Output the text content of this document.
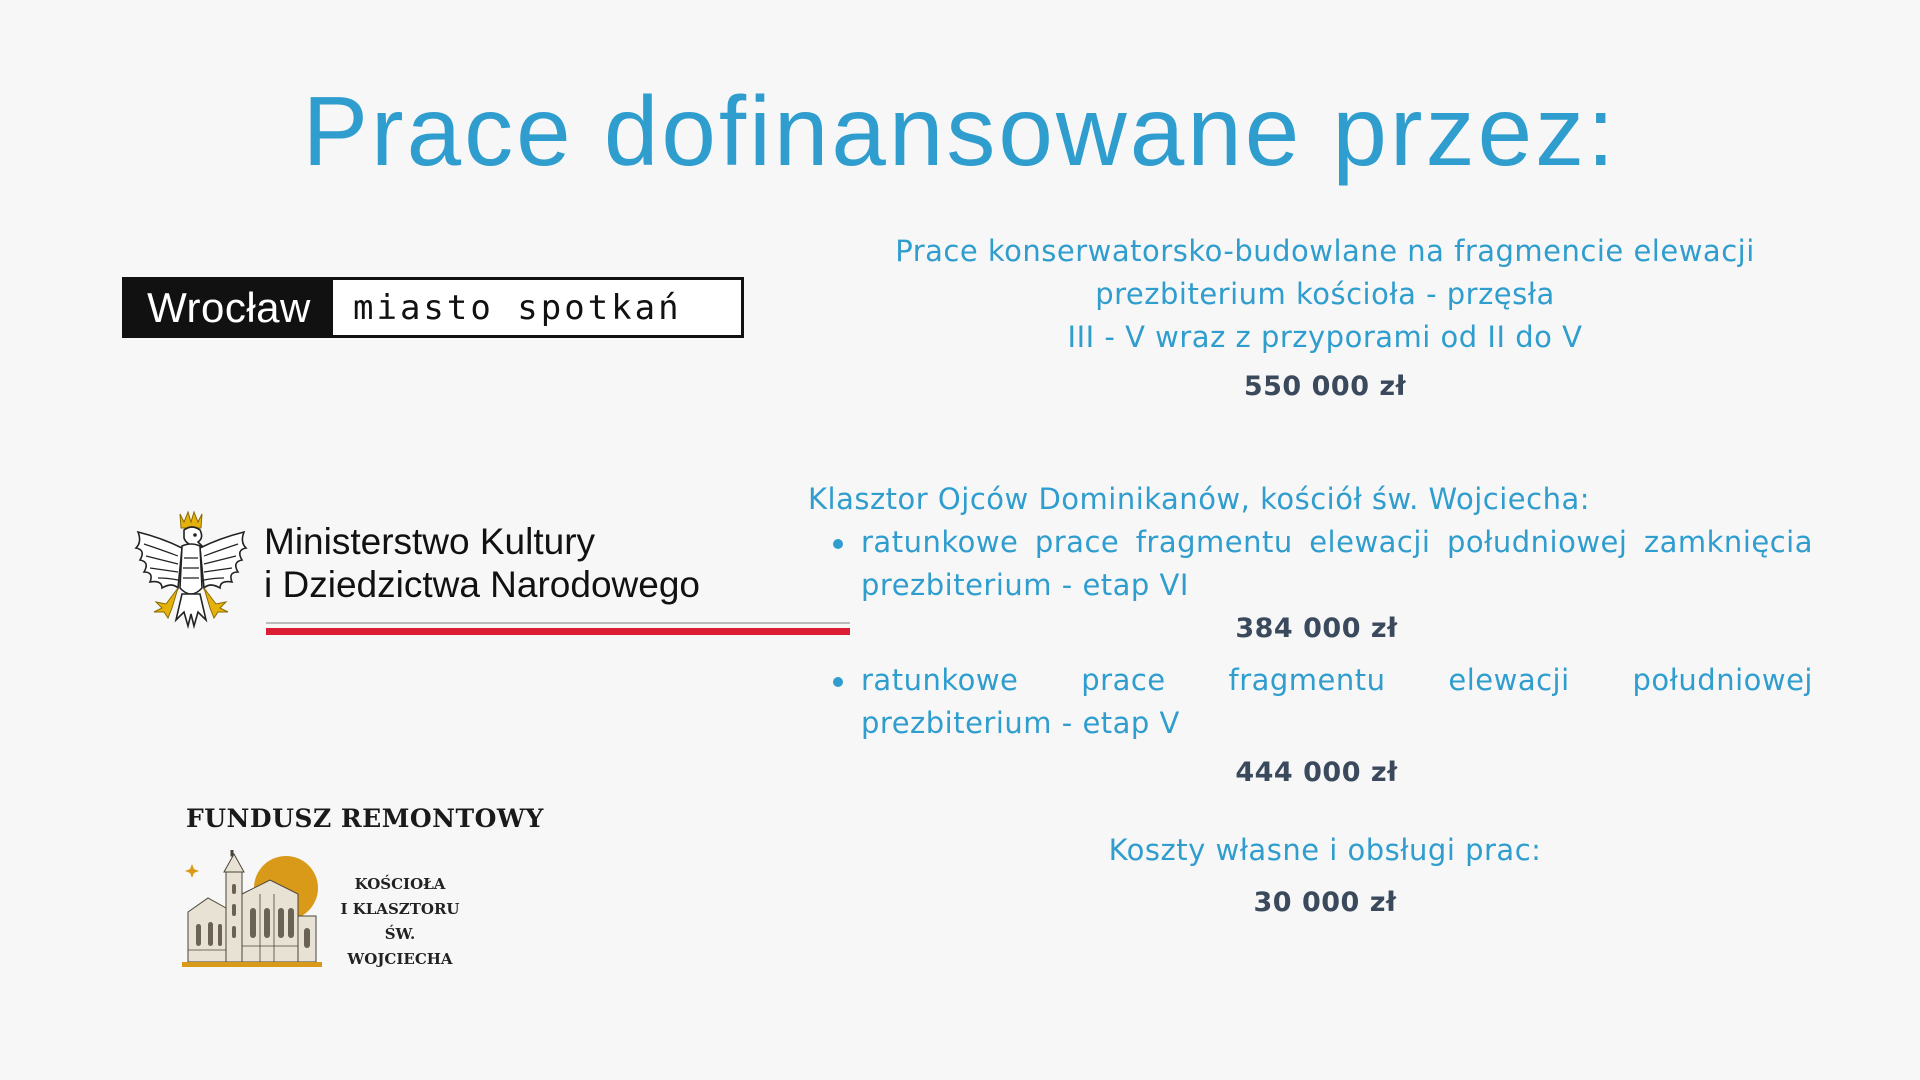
Prace dofinansowane przez:
Wrocław	miasto spotkań
Ministerstwo Kultury
i Dziedzictwa Narodowego
FUNDUSZ REMONTOWY
KOŚCIOŁA
I KLASZTORU
ŚW. WOJCIECHA
Prace konserwatorsko-budowlane na fragmencie elewacji
prezbiterium kościoła - przęsła
III - V wraz z przyporami od II do V
550 000 zł
Klasztor Ojców Dominikanów, kościół św. Wojciecha:
ratunkowe prace fragmentu elewacji południowej zamknięcia
prezbiterium - etap VI
384 000 zł
ratunkowe prace fragmentu elewacji południowej
prezbiterium - etap V
444 000 zł
Koszty własne i obsługi prac:
30 000 zł
